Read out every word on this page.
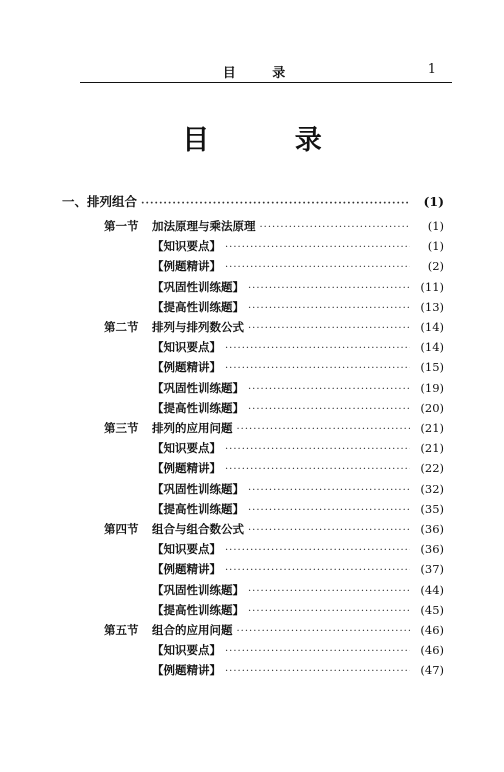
目 录	1
目 录
一、排列组合 ·····	(1)
第一节	加法原理与乘法原理 ·····	(1)
【知识要点】 ·····	(1)
【例题精讲】 ·····	(2)
【巩固性训练题】 ·····	(11)
【提高性训练题】 ·····	(13)
第二节	排列与排列数公式 ·····	(14)
【知识要点】 ·····	(14)
【例题精讲】 ·····	(15)
【巩固性训练题】 ·····	(19)
【提高性训练题】 ·····	(20)
第三节	排列的应用问题 ·····	(21)
【知识要点】 ·····	(21)
【例题精讲】 ·····	(22)
【巩固性训练题】 ·····	(32)
【提高性训练题】 ·····	(35)
第四节	组合与组合数公式 ·····	(36)
【知识要点】 ·····	(36)
【例题精讲】 ·····	(37)
【巩固性训练题】 ·····	(44)
【提高性训练题】 ·····	(45)
第五节	组合的应用问题 ·····	(46)
【知识要点】 ·····	(46)
【例题精讲】 ·····	(47)
